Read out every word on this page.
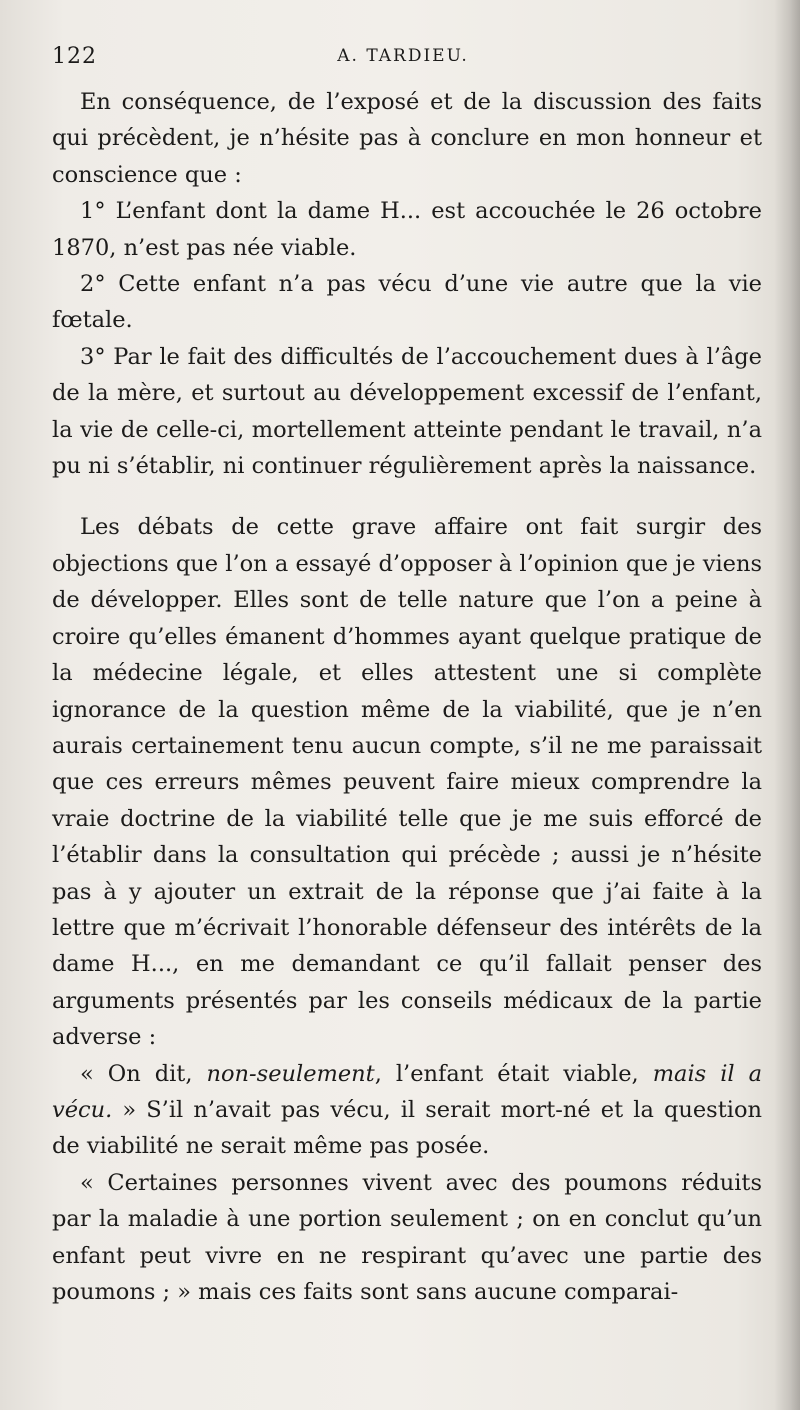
122	A. TARDIEU.

En conséquence, de l’exposé et de la discussion des faits qui précèdent, je n’hésite pas à conclure en mon honneur et conscience que :

1° L’enfant dont la dame H... est accouchée le 26 octobre 1870, n’est pas née viable.

2° Cette enfant n’a pas vécu d’une vie autre que la vie fœtale.

3° Par le fait des difficultés de l’accouchement dues à l’âge de la mère, et surtout au développement excessif de l’enfant, la vie de celle-ci, mortellement atteinte pendant le travail, n’a pu ni s’établir, ni continuer régulièrement après la naissance.

Les débats de cette grave affaire ont fait surgir des objections que l’on a essayé d’opposer à l’opinion que je viens de développer. Elles sont de telle nature que l’on a peine à croire qu’elles émanent d’hommes ayant quelque pratique de la médecine légale, et elles attestent une si complète ignorance de la question même de la viabilité, que je n’en aurais certainement tenu aucun compte, s’il ne me paraissait que ces erreurs mêmes peuvent faire mieux comprendre la vraie doctrine de la viabilité telle que je me suis efforcé de l’établir dans la consultation qui précède ; aussi je n’hésite pas à y ajouter un extrait de la réponse que j’ai faite à la lettre que m’écrivait l’honorable défenseur des intérêts de la dame H..., en me demandant ce qu’il fallait penser des arguments présentés par les conseils médicaux de la partie adverse :

« On dit, non-seulement, l’enfant était viable, mais il a vécu. » S’il n’avait pas vécu, il serait mort-né et la question de viabilité ne serait même pas posée.

« Certaines personnes vivent avec des poumons réduits par la maladie à une portion seulement ; on en conclut qu’un enfant peut vivre en ne respirant qu’avec une partie des poumons ; » mais ces faits sont sans aucune comparai-
